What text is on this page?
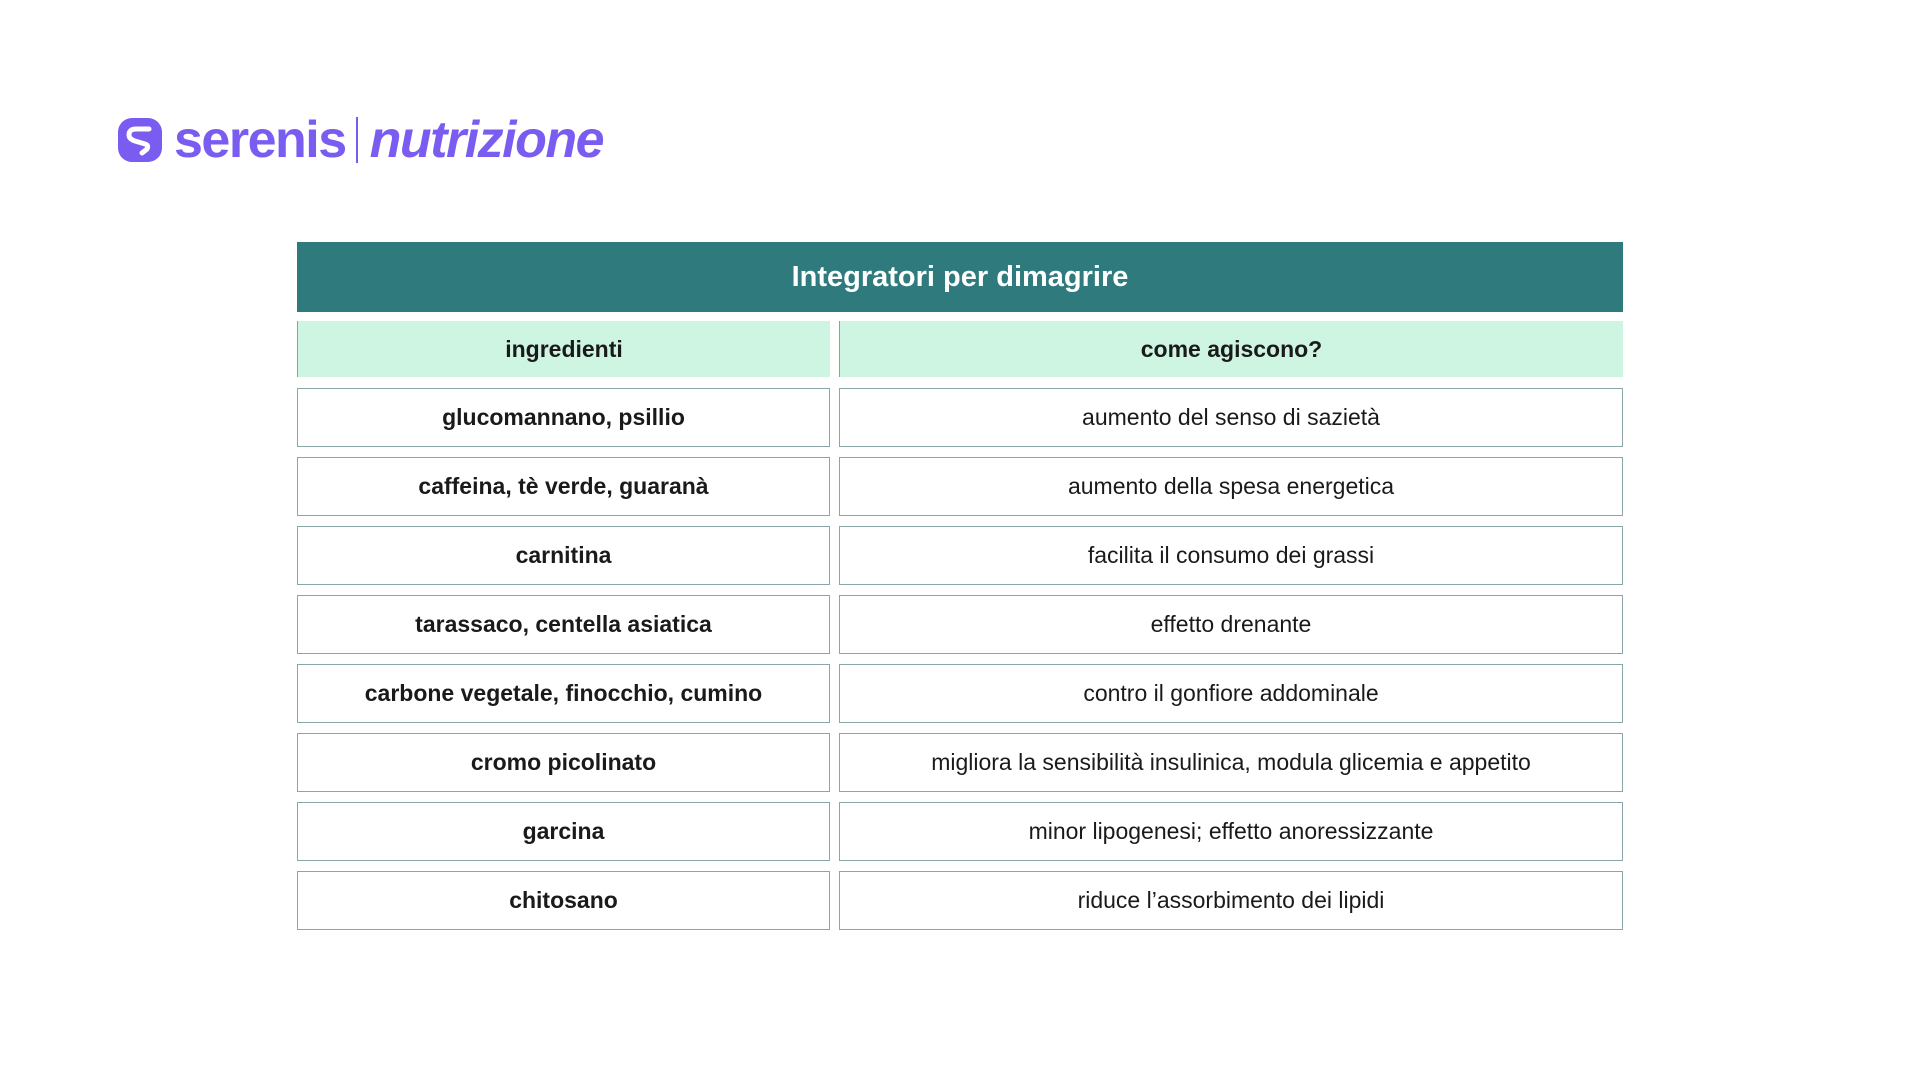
serenis nutrizione
Integratori per dimagrire
ingredienti	come agiscono?
glucomannano, psillio	aumento del senso di sazietà
caffeina, tè verde, guaranà	aumento della spesa energetica
carnitina	facilita il consumo dei grassi
tarassaco, centella asiatica	effetto drenante
carbone vegetale, finocchio, cumino	contro il gonfiore addominale
cromo picolinato	migliora la sensibilità insulinica, modula glicemia e appetito
garcina	minor lipogenesi; effetto anoressizzante
chitosano	riduce l’assorbimento dei lipidi
